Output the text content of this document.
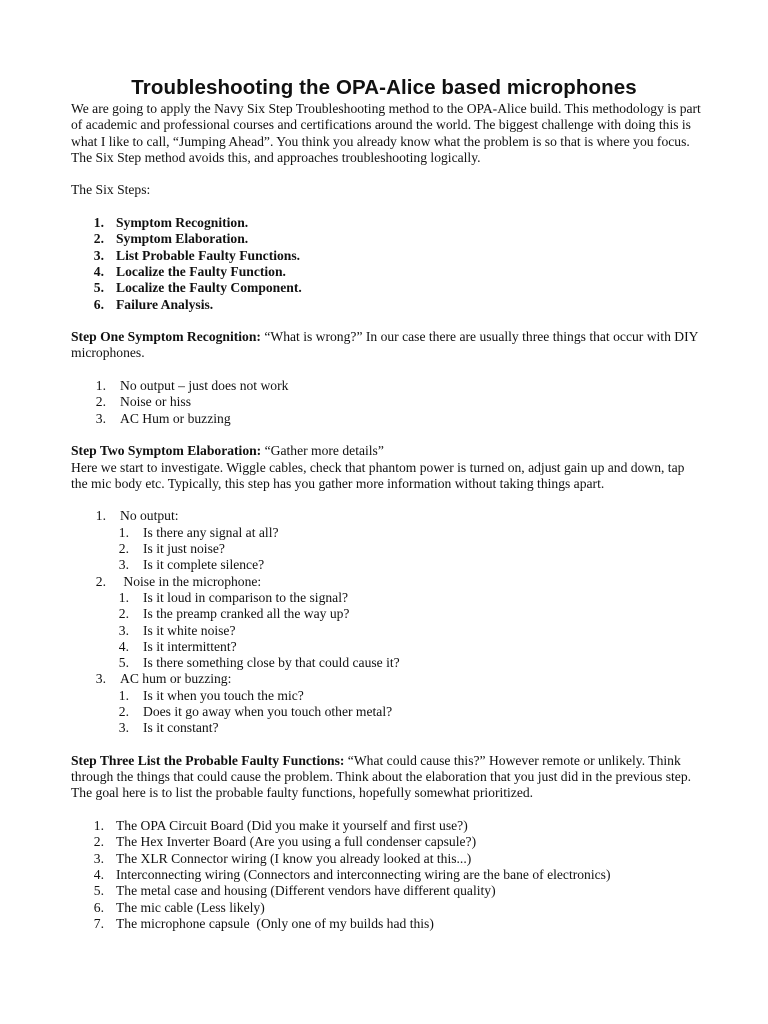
Troubleshooting the OPA-Alice based microphones

We are going to apply the Navy Six Step Troubleshooting method to the OPA-Alice build. This methodology is part of academic and professional courses and certifications around the world. The biggest challenge with doing this is what I like to call, “Jumping Ahead”. You think you already know what the problem is so that is where you focus. The Six Step method avoids this, and approaches troubleshooting logically.

The Six Steps:

1. Symptom Recognition.
2. Symptom Elaboration.
3. List Probable Faulty Functions.
4. Localize the Faulty Function.
5. Localize the Faulty Component.
6. Failure Analysis.

Step One Symptom Recognition: “What is wrong?” In our case there are usually three things that occur with DIY microphones.

1.	No output – just does not work
2.	Noise or hiss
3.	AC Hum or buzzing

Step Two Symptom Elaboration: “Gather more details”

Here we start to investigate. Wiggle cables, check that phantom power is turned on, adjust gain up and down, tap the mic body etc. Typically, this step has you gather more information without taking things apart.

1.	No output:
1.	Is there any signal at all?
2.	Is it just noise?
3.	Is it complete silence?
2.	Noise in the microphone:
1.	Is it loud in comparison to the signal?
2.	Is the preamp cranked all the way up?
3.	Is it white noise?
4.	Is it intermittent?
5.	Is there something close by that could cause it?
3.	AC hum or buzzing:
1.	Is it when you touch the mic?
2.	Does it go away when you touch other metal?
3.	Is it constant?

Step Three List the Probable Faulty Functions: “What could cause this?” However remote or unlikely. Think through the things that could cause the problem. Think about the elaboration that you just did in the previous step. The goal here is to list the probable faulty functions, hopefully somewhat prioritized.

1. The OPA Circuit Board (Did you make it yourself and first use?)
2. The Hex Inverter Board (Are you using a full condenser capsule?)
3. The XLR Connector wiring (I know you already looked at this...)
4. Interconnecting wiring (Connectors and interconnecting wiring are the bane of electronics)
5. The metal case and housing (Different vendors have different quality)
6. The mic cable (Less likely)
7. The microphone capsule  (Only one of my builds had this)
